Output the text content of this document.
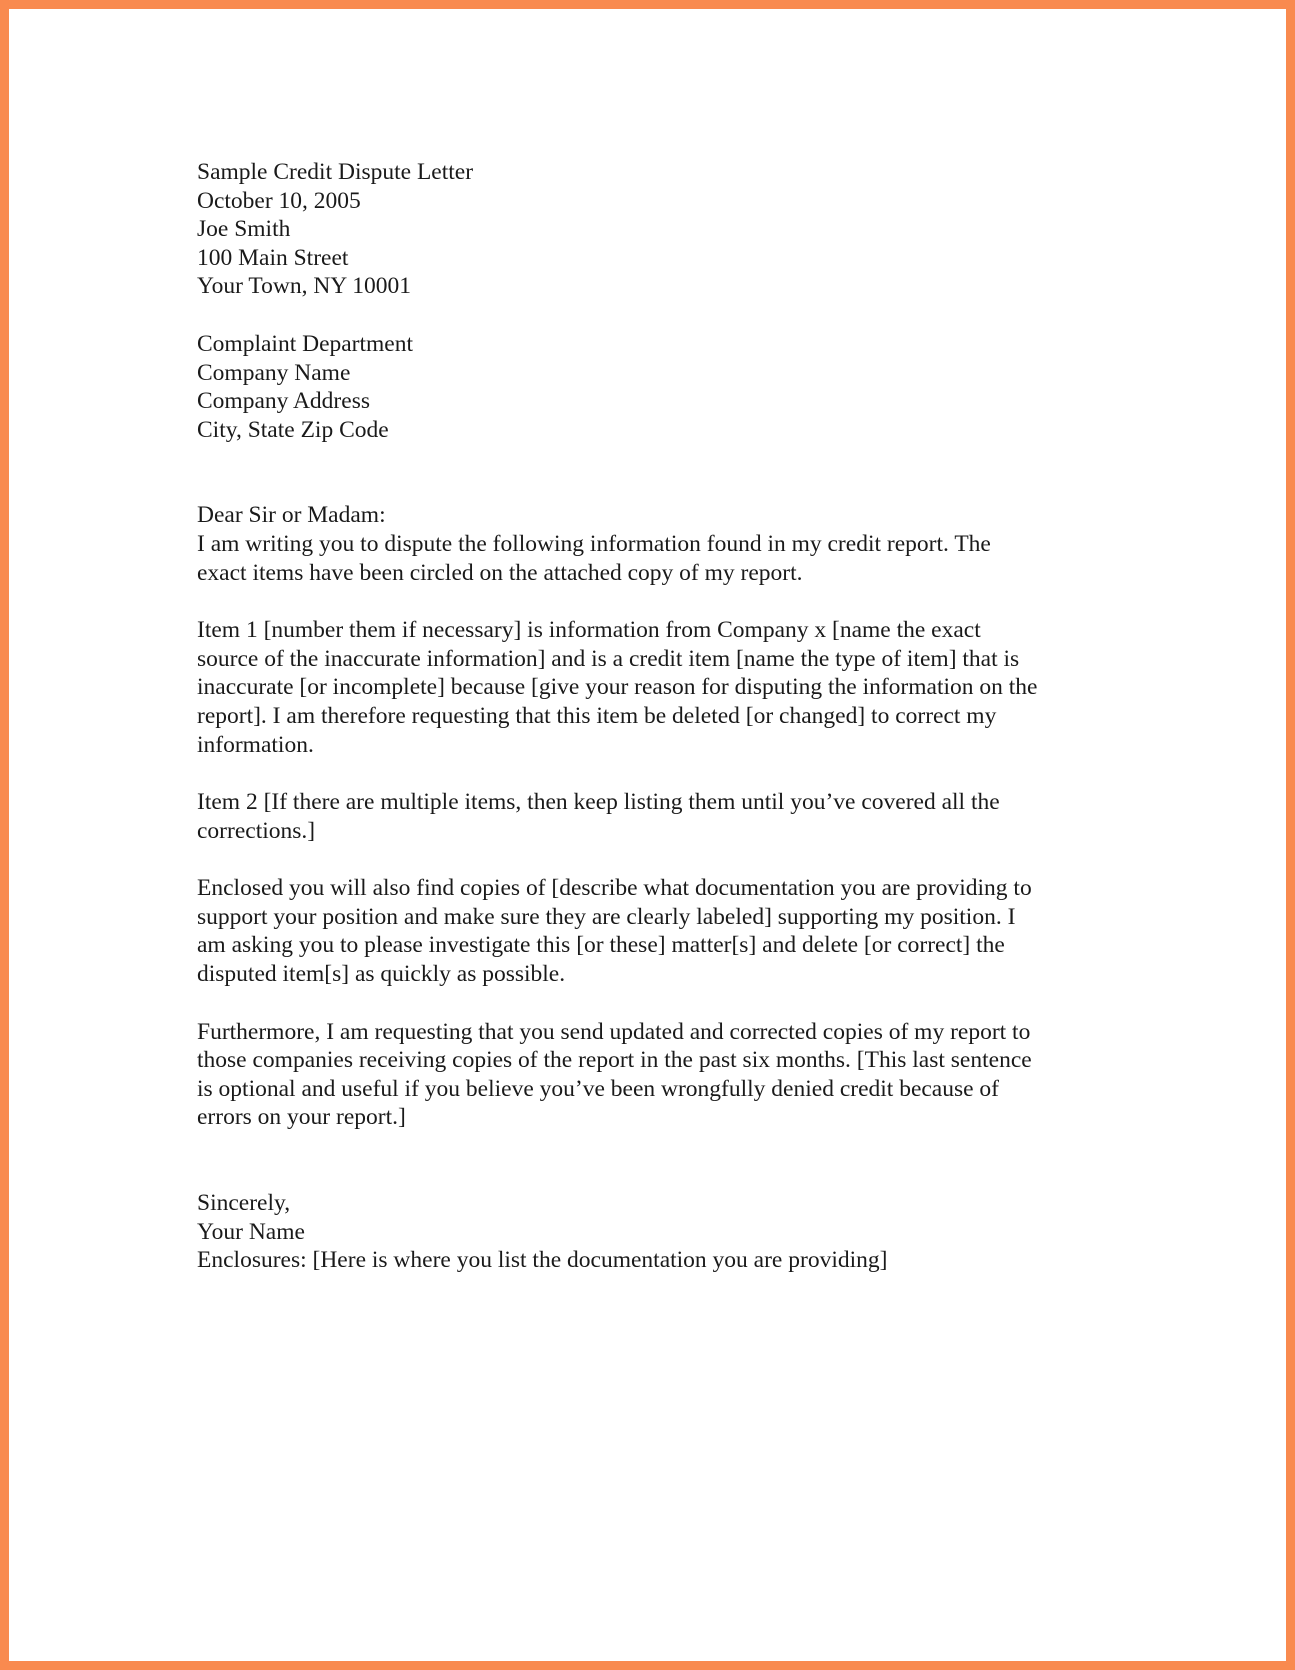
Sample Credit Dispute Letter

October 10, 2005
Joe Smith
100 Main Street
Your Town, NY 10001
Complaint Department
Company Name
Company Address
City, State Zip Code

Dear Sir or Madam:

I am writing you to dispute the following information found in my credit report. The
exact items have been circled on the attached copy of my report.
Item 1 [number them if necessary] is information from Company x [name the exact
source of the inaccurate information] and is a credit item [name the type of item] that is
inaccurate [or incomplete] because [give your reason for disputing the information on the
report]. I am therefore requesting that this item be deleted [or changed] to correct my
information.
Item 2 [If there are multiple items, then keep listing them until you’ve covered all the
corrections.]
Enclosed you will also find copies of [describe what documentation you are providing to
support your position and make sure they are clearly labeled] supporting my position. I
am asking you to please investigate this [or these] matter[s] and delete [or correct] the
disputed item[s] as quickly as possible.
Furthermore, I am requesting that you send updated and corrected copies of my report to
those companies receiving copies of the report in the past six months. [This last sentence
is optional and useful if you believe you’ve been wrongfully denied credit because of
errors on your report.]

Sincerely,

Your Name

Enclosures: [Here is where you list the documentation you are providing]
